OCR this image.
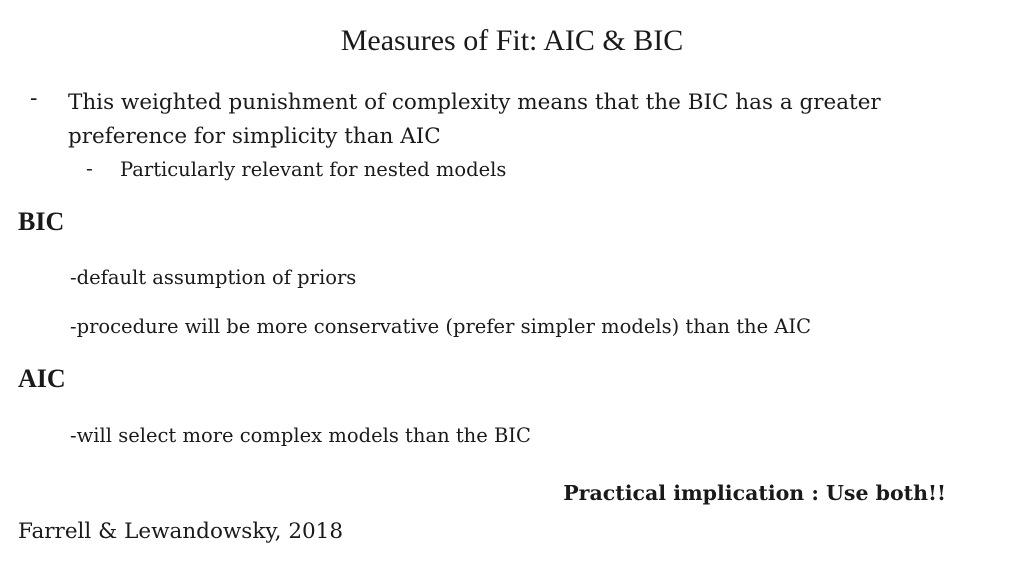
Measures of Fit: AIC & BIC
- This weighted punishment of complexity means that the BIC has a greater preference for simplicity than AIC
- Particularly relevant for nested models
BIC
-default assumption of priors
-procedure will be more conservative (prefer simpler models) than the AIC
AIC
-will select more complex models than the BIC
Practical implication : Use both!!
Farrell & Lewandowsky, 2018
